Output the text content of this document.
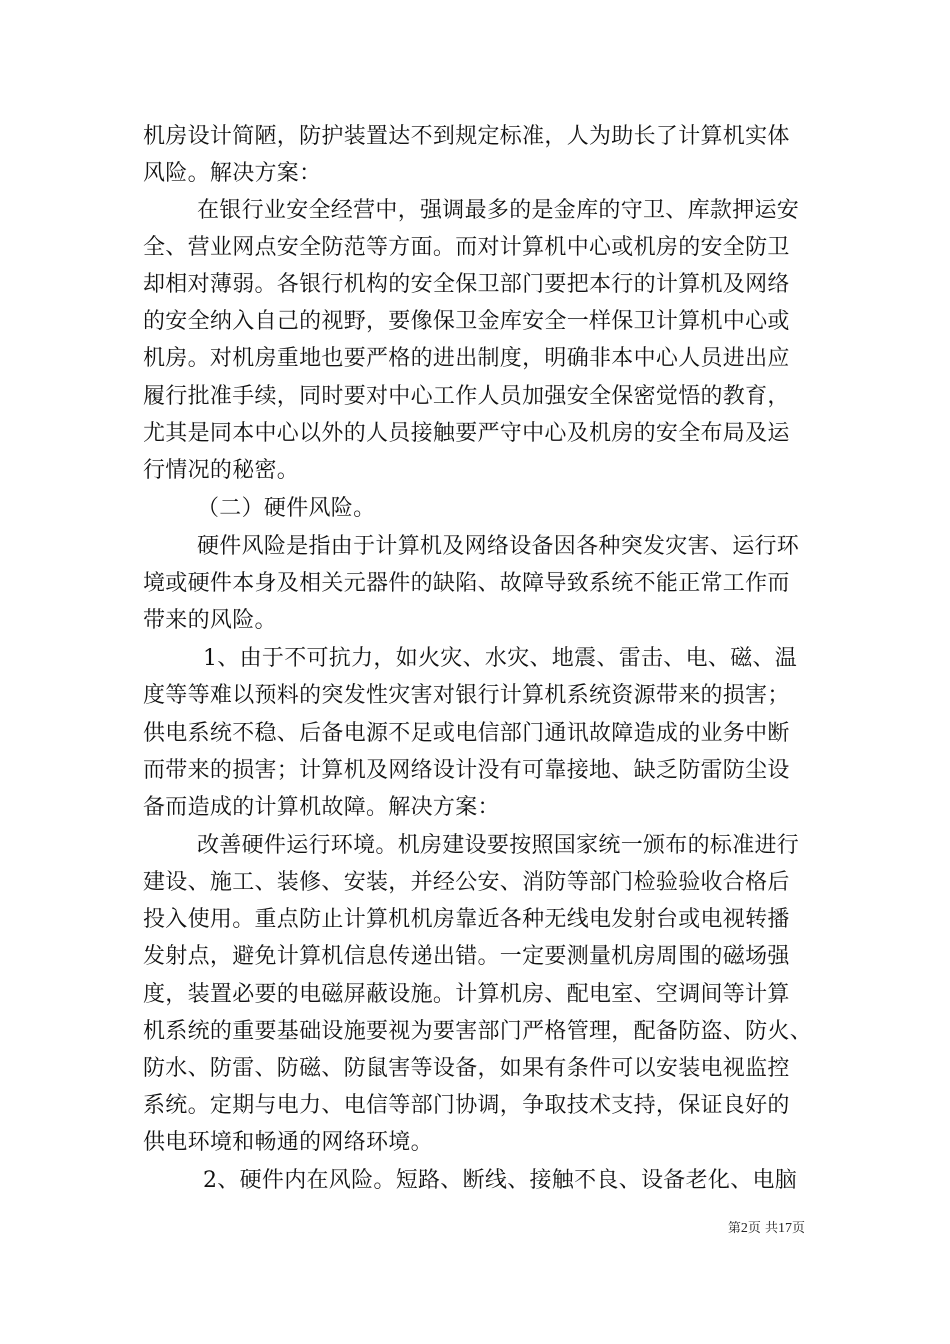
机房设计简陋，防护装置达不到规定标准，人为助长了计算机实体
风险。解决方案：
在银行业安全经营中，强调最多的是金库的守卫、库款押运安
全、营业网点安全防范等方面。而对计算机中心或机房的安全防卫
却相对薄弱。各银行机构的安全保卫部门要把本行的计算机及网络
的安全纳入自己的视野，要像保卫金库安全一样保卫计算机中心或
机房。对机房重地也要严格的进出制度，明确非本中心人员进出应
履行批准手续，同时要对中心工作人员加强安全保密觉悟的教育，
尤其是同本中心以外的人员接触要严守中心及机房的安全布局及运
行情况的秘密。
（二）硬件风险。
硬件风险是指由于计算机及网络设备因各种突发灾害、运行环
境或硬件本身及相关元器件的缺陷、故障导致系统不能正常工作而
带来的风险。
1、由于不可抗力，如火灾、水灾、地震、雷击、电、磁、温
度等等难以预料的突发性灾害对银行计算机系统资源带来的损害；
供电系统不稳、后备电源不足或电信部门通讯故障造成的业务中断
而带来的损害；计算机及网络设计没有可靠接地、缺乏防雷防尘设
备而造成的计算机故障。解决方案：
改善硬件运行环境。机房建设要按照国家统一颁布的标准进行
建设、施工、装修、安装，并经公安、消防等部门检验验收合格后
投入使用。重点防止计算机机房靠近各种无线电发射台或电视转播
发射点，避免计算机信息传递出错。一定要测量机房周围的磁场强
度，装置必要的电磁屏蔽设施。计算机房、配电室、空调间等计算
机系统的重要基础设施要视为要害部门严格管理，配备防盗、防火、
防水、防雷、防磁、防鼠害等设备，如果有条件可以安装电视监控
系统。定期与电力、电信等部门协调，争取技术支持，保证良好的
供电环境和畅通的网络环境。
2、硬件内在风险。短路、断线、接触不良、设备老化、电脑
第2页 共17页
